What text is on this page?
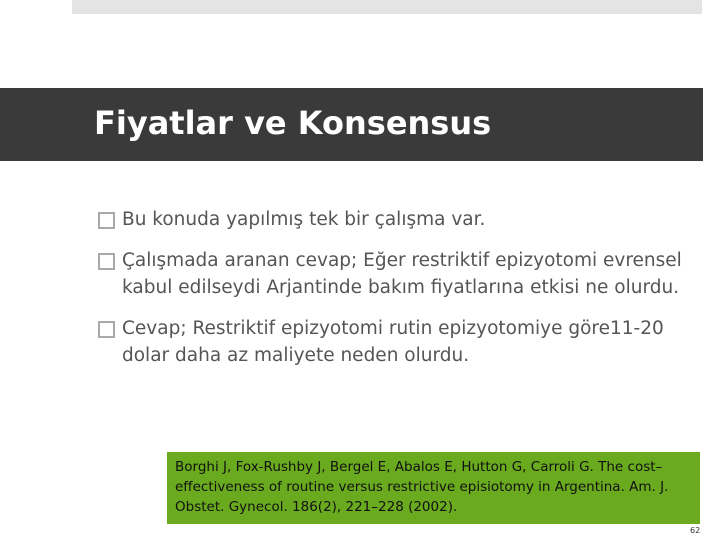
Fiyatlar ve Konsensus
Bu konuda yapılmış tek bir çalışma var.
Çalışmada aranan cevap; Eğer restriktif epizyotomi evrensel kabul edilseydi Arjantinde bakım fiyatlarına etkisi ne olurdu.
Cevap; Restriktif epizyotomi rutin epizyotomiye göre11-20 dolar daha az maliyete neden olurdu.

Borghi J, Fox-Rushby J, Bergel E, Abalos E, Hutton G, Carroli G. The cost–effectiveness of routine versus restrictive episiotomy in Argentina. Am. J. Obstet. Gynecol. 186(2), 221–228 (2002).

62
